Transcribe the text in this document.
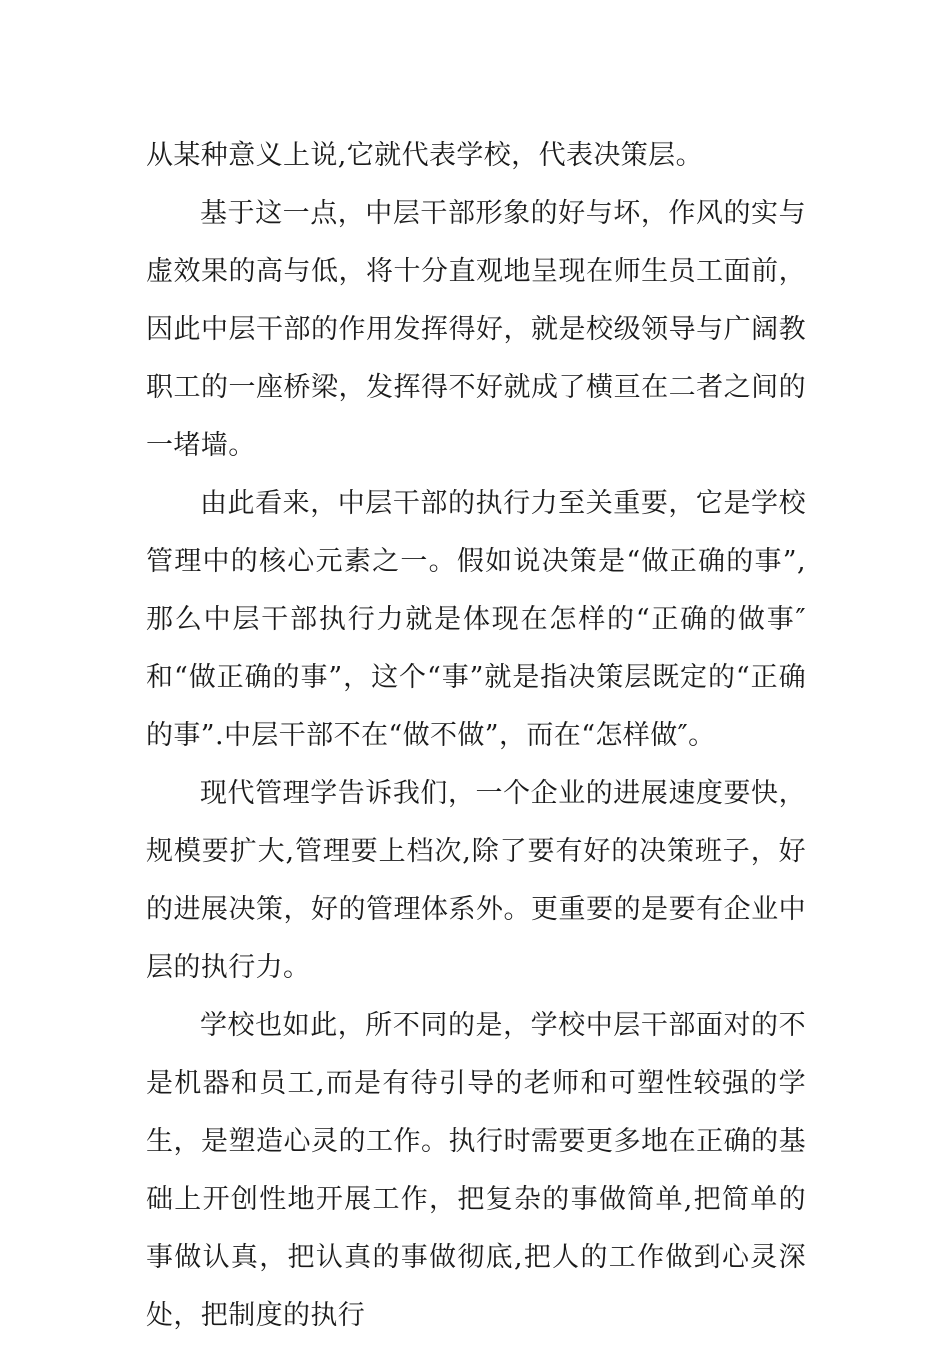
从某种意义上说,它就代表学校，代表决策层。

基于这一点，中层干部形象的好与坏，作风的实与虚效果的高与低，将十分直观地呈现在师生员工面前，因此中层干部的作用发挥得好，就是校级领导与广阔教职工的一座桥梁，发挥得不好就成了横亘在二者之间的一堵墙。

由此看来，中层干部的执行力至关重要，它是学校管理中的核心元素之一。假如说决策是“做正确的事”,那么中层干部执行力就是体现在怎样的“正确的做事″和“做正确的事”，这个“事”就是指决策层既定的“正确的事”.中层干部不在“做不做”，而在“怎样做″。

现代管理学告诉我们，一个企业的进展速度要快，规模要扩大,管理要上档次,除了要有好的决策班子，好的进展决策，好的管理体系外。更重要的是要有企业中层的执行力。

学校也如此，所不同的是，学校中层干部面对的不是机器和员工,而是有待引导的老师和可塑性较强的学生，是塑造心灵的工作。执行时需要更多地在正确的基础上开创性地开展工作，把复杂的事做简单,把简单的事做认真，把认真的事做彻底,把人的工作做到心灵深处，把制度的执行
